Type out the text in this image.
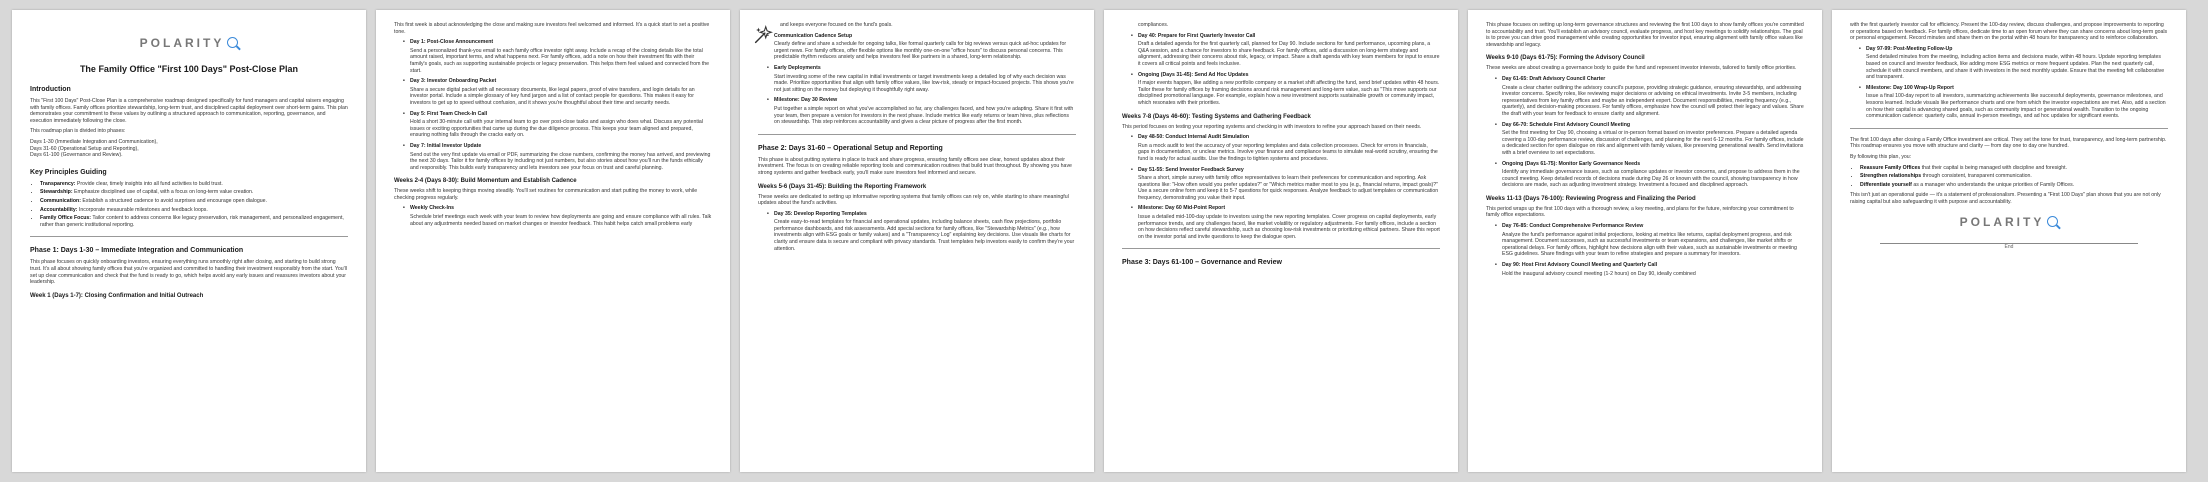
POLARITY
The Family Office "First 100 Days" Post-Close Plan
Introduction

This "First 100 Days" Post-Close Plan is a comprehensive roadmap designed specifically for fund managers and capital raisers engaging with family offices. Family offices prioritize stewardship, long-term trust, and disciplined capital deployment over short-term gains. This plan demonstrates your commitment to these values by outlining a structured approach to communication, reporting, governance, and execution immediately following the close.

This roadmap plan is divided into phases:

Days 1-30 (Immediate Integration and Communication),

Days 31-60 (Operational Setup and Reporting),

Days 61-100 (Governance and Review).

Key Principles Guiding
• Transparency: Provide clear, timely insights into all fund activities to build trust.
• Stewardship: Emphasize disciplined use of capital, with a focus on long-term value creation.
• Communication: Establish a structured cadence to avoid surprises and encourage open dialogue.
• Accountability: Incorporate measurable milestones and feedback loops.
• Family Office Focus: Tailor content to address concerns like legacy preservation, risk management, and personalized engagement, rather than generic institutional reporting.
Phase 1: Days 1-30 – Immediate Integration and Communication

This phase focuses on quickly onboarding investors, ensuring everything runs smoothly right after closing, and starting to build strong trust. It's all about showing family offices that you're organized and committed to handling their investment responsibly from the start. You'll set up clear communication and check that the fund is ready to go, which helps avoid any early issues and reassures investors about your leadership.

Week 1 (Days 1-7): Closing Confirmation and Initial Outreach

This first week is about acknowledging the close and making sure investors feel welcomed and informed. It's a quick start to set a positive tone.

• Day 1: Post-Close Announcement

Send a personalized thank-you email to each family office investor right away. Include a recap of the closing details like the total amount raised, important terms, and what happens next. For family offices, add a note on how their investment fits with their family's goals, such as supporting sustainable projects or legacy preservation. This helps them feel valued and connected from the start.

• Day 3: Investor Onboarding Packet

Share a secure digital packet with all necessary documents, like legal papers, proof of wire transfers, and login details for an investor portal. Include a simple glossary of key fund jargon and a list of contact people for questions. This makes it easy for investors to get up to speed without confusion, and it shows you're thoughtful about their time and security needs.

• Day 5: First Team Check-In Call

Hold a short 30-minute call with your internal team to go over post-close tasks and assign who does what. Discuss any potential issues or exciting opportunities that came up during the due diligence process. This keeps your team aligned and prepared, ensuring nothing falls through the cracks early on.

• Day 7: Initial Investor Update

Send out the very first update via email or PDF, summarizing the close numbers, confirming the money has arrived, and previewing the next 30 days. Tailor it for family offices by including not just numbers, but also stories about how you'll run the funds ethically and responsibly. This builds early transparency and lets investors see your focus on trust and careful planning.

Weeks 2-4 (Days 8-30): Build Momentum and Establish Cadence

These weeks shift to keeping things moving steadily. You'll set routines for communication and start putting the money to work, while checking progress regularly.

• Weekly Check-Ins

Schedule brief meetings each week with your team to review how deployments are going and ensure compliance with all rules. Talk about any adjustments needed based on market changes or investor feedback. This habit helps catch small problems early

and keeps everyone focused on the fund's goals.

• Communication Cadence Setup

Clearly define and share a schedule for ongoing talks, like formal quarterly calls for big reviews versus quick ad-hoc updates for urgent news. For family offices, offer flexible options like monthly one-on-one "office hours" to discuss personal concerns. This predictable rhythm reduces anxiety and helps investors feel like partners in a shared, long-term relationship.

• Early Deployments

Start investing some of the new capital in initial investments or target investments keep a detailed log of why each decision was made. Prioritize opportunities that align with family office values, like low-risk, steady or impact-focused projects. This shows you're not just sitting on the money but deploying it thoughtfully right away.

• Milestone: Day 30 Review

Put together a simple report on what you've accomplished so far, any challenges faced, and how you're adapting. Share it first with your team, then prepare a version for investors in the next phase. Include metrics like early returns or team hires, plus reflections on stewardship. This step reinforces accountability and gives a clear picture of progress after the first month.

Phase 2: Days 31-60 – Operational Setup and Reporting

This phase is about putting systems in place to track and share progress, ensuring family offices see clear, honest updates about their investment. The focus is on creating reliable reporting tools and communication routines that build trust throughout. By showing you have strong systems and gather feedback early, you'll make sure investors feel informed and secure.

Weeks 5-6 (Days 31-45): Building the Reporting Framework

These weeks are dedicated to setting up informative reporting systems that family offices can rely on, while starting to share meaningful updates about the fund's activities.

• Day 35: Develop Reporting Templates

Create easy-to-read templates for financial and operational updates, including balance sheets, cash flow projections, portfolio performance dashboards, and risk assessments. Add special sections for family offices, like "Stewardship Metrics" (e.g., how investments align with ESG goals or family values) and a "Transparency Log" explaining key decisions. Use visuals like charts for clarity and ensure data is secure and compliant with privacy standards. Trust templates help investors easily to confirm they're your attention.

compliances.

• Day 40: Prepare for First Quarterly Investor Call

Draft a detailed agenda for the first quarterly call, planned for Day 90. Include sections for fund performance, upcoming plans, a Q&A session, and a chance for investors to share feedback. For family offices, add a discussion on long-term strategy and alignment, addressing their concerns about risk, legacy, or impact. Share a draft agenda with key team members for input to ensure it covers all critical points and feels inclusive.

• Ongoing (Days 31-45): Send Ad Hoc Updates

If major events happen, like adding a new portfolio company or a market shift affecting the fund, send brief updates within 48 hours. Tailor these for family offices by framing decisions around risk management and long-term value, such as "This move supports our disciplined promotional language. For example, explain how a new investment supports sustainable growth or community impact, which resonates with their priorities.

Weeks 7-8 (Days 46-60): Testing Systems and Gathering Feedback

This period focuses on testing your reporting systems and checking in with investors to refine your approach based on their needs.

• Day 48-50: Conduct Internal Audit Simulation

Run a mock audit to test the accuracy of your reporting templates and data collection processes. Check for errors in financials, gaps in documentation, or unclear metrics. Involve your finance and compliance teams to simulate real-world scrutiny, ensuring the fund is ready for actual audits. Use the findings to tighten systems and procedures.

• Day 51-55: Send Investor Feedback Survey

Share a short, simple survey with family office representatives to learn their preferences for communication and reporting. Ask questions like: "How often would you prefer updates?" or "Which metrics matter most to you (e.g., financial returns, impact goals)?" Use a secure online form and keep it to 5-7 questions for quick responses. Analyze feedback to adjust templates or communication frequency, demonstrating you value their input.

• Milestone: Day 60 Mid-Point Report

Issue a detailed mid-100-day update to investors using the new reporting templates. Cover progress on capital deployments, early performance trends, and any challenges faced, like market volatility or regulatory adjustments. For family offices, include a section on how decisions reflect careful stewardship, such as choosing low-risk investments or prioritizing ethical partners. Share this report on the investor portal and invite questions to keep the dialogue open.

Phase 3: Days 61-100 – Governance and Review

This phase focuses on setting up long-term governance structures and reviewing the first 100 days to show family offices you're committed to accountability and trust. You'll establish an advisory council, evaluate progress, and host key meetings to solidify relationships. The goal is to prove you can drive good management while creating opportunities for investor input, ensuring alignment with family office values like stewardship and legacy.

Weeks 9-10 (Days 61-75): Forming the Advisory Council

These weeks are about creating a governance body to guide the fund and represent investor interests, tailored to family office priorities.

• Day 61-65: Draft Advisory Council Charter

Create a clear charter outlining the advisory council's purpose, providing strategic guidance, ensuring stewardship, and addressing investor concerns. Specify roles, like reviewing major decisions or advising on ethical investments. Invite 3-5 members, including representatives from key family offices and maybe an independent expert. Document responsibilities, meeting frequency (e.g., quarterly), and decision-making processes. For family offices, emphasize how the council will protect their legacy and values. Share the draft with your team for feedback to ensure clarity and alignment.

• Day 66-70: Schedule First Advisory Council Meeting

Set the first meeting for Day 90, choosing a virtual or in-person format based on investor preferences. Prepare a detailed agenda covering a 100-day performance review, discussion of challenges, and planning for the next 6-12 months. For family offices, include a dedicated section for open dialogue on risk and alignment with family values, like preserving generational wealth. Send invitations with a brief overview to set expectations.

• Ongoing (Days 61-75): Monitor Early Governance Needs

Identify any immediate governance issues, such as compliance updates or investor concerns, and propose to address them in the council meeting. Keep detailed records of decisions made during Day 26 or known with the council, showing transparency in how decisions are made, such as adjusting investment strategy. Investment a focused and disciplined approach.

Weeks 11-13 (Days 76-100): Reviewing Progress and Finalizing the Period

This period wraps up the first 100 days with a thorough review, a key meeting, and plans for the future, reinforcing your commitment to family office expectations.

• Day 76-85: Conduct Comprehensive Performance Review

Analyze the fund's performance against initial projections, looking at metrics like returns, capital deployment progress, and risk management. Document successes, such as successful investments or team expansions, and challenges, like market shifts or operational delays. For family offices, highlight how decisions align with their values, such as sustainable investments or meeting ESG guidelines. Share findings with your team to refine strategies and prepare a summary for investors.

• Day 90: Host First Advisory Council Meeting and Quarterly Call

Hold the inaugural advisory council meeting (1-2 hours) on Day 90, ideally combined

with the first quarterly investor call for efficiency. Present the 100-day review, discuss challenges, and propose improvements to reporting or operations based on feedback. For family offices, dedicate time to an open forum where they can share concerns about long-term goals or personal engagement. Record minutes and share them on the portal within 48 hours for transparency and to reinforce collaboration.

• Day 97-99: Post-Meeting Follow-Up

Send detailed minutes from the meeting, including action items and decisions made, within 48 hours. Update reporting templates based on council and investor feedback, like adding more ESG metrics or more frequent updates. Plan the next quarterly call, schedule it with council members, and share it with investors in the next monthly update. Ensure that the meeting felt collaborative and transparent.

• Milestone: Day 100 Wrap-Up Report

Issue a final 100-day report to all investors, summarizing achievements like successful deployments, governance milestones, and lessons learned. Include visuals like performance charts and one from which the investor expectations are met. Also, add a section on how their capital is advancing shared goals, such as community impact or generational wealth. Transition to the ongoing communication cadence: quarterly calls, annual in-person meetings, and ad hoc updates for significant events.

The first 100 days after closing a Family Office investment are critical. They set the tone for trust, transparency, and long-term partnership. This roadmap ensures you move with structure and clarity — from day one to day one hundred.

By following this plan, you:

• Reassure Family Offices that their capital is being managed with discipline and foresight.
• Strengthen relationships through consistent, transparent communication.
• Differentiate yourself as a manager who understands the unique priorities of Family Offices.

This isn't just an operational guide — it's a statement of professionalism. Presenting a "First 100 Days" plan shows that you are not only raising capital but also safeguarding it with purpose and accountability.

POLARITY
End
